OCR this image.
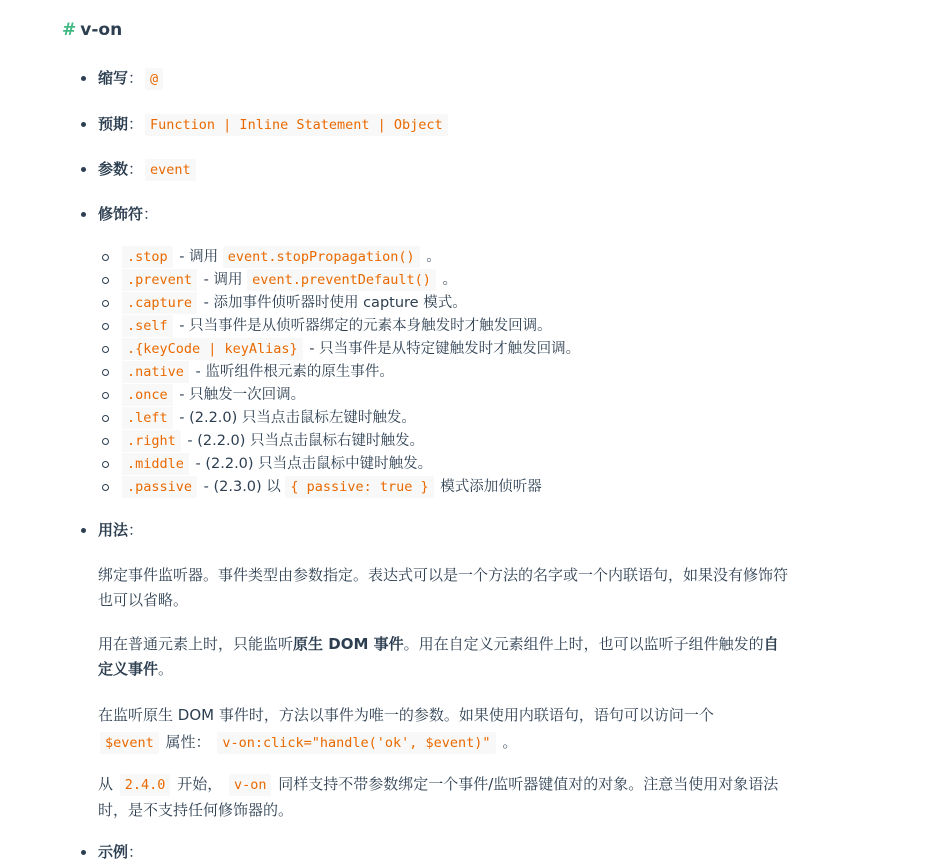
# v-on
缩写： @
预期： Function | Inline Statement | Object
参数： event
修饰符：
用法：
示例：
.stop - 调用 event.stopPropagation() 。
.prevent - 调用 event.preventDefault() 。
.capture - 添加事件侦听器时使用 capture 模式。
.self - 只当事件是从侦听器绑定的元素本身触发时才触发回调。
.{keyCode | keyAlias} - 只当事件是从特定键触发时才触发回调。
.native - 监听组件根元素的原生事件。
.once - 只触发一次回调。
.left - (2.2.0) 只当点击鼠标左键时触发。
.right - (2.2.0) 只当点击鼠标右键时触发。
.middle - (2.2.0) 只当点击鼠标中键时触发。
.passive - (2.3.0) 以 { passive: true } 模式添加侦听器

绑定事件监听器。事件类型由参数指定。表达式可以是一个方法的名字或一个内联语句，如果没有修饰符也可以省略。

用在普通元素上时，只能监听原生 DOM 事件。用在自定义元素组件上时，也可以监听子组件触发的自定义事件。

在监听原生 DOM 事件时，方法以事件为唯一的参数。如果使用内联语句，语句可以访问一个
$event 属性： v-on:click="handle('ok', $event)" 。

从 2.4.0 开始， v-on 同样支持不带参数绑定一个事件/监听器键值对的对象。注意当使用对象语法时，是不支持任何修饰器的。
